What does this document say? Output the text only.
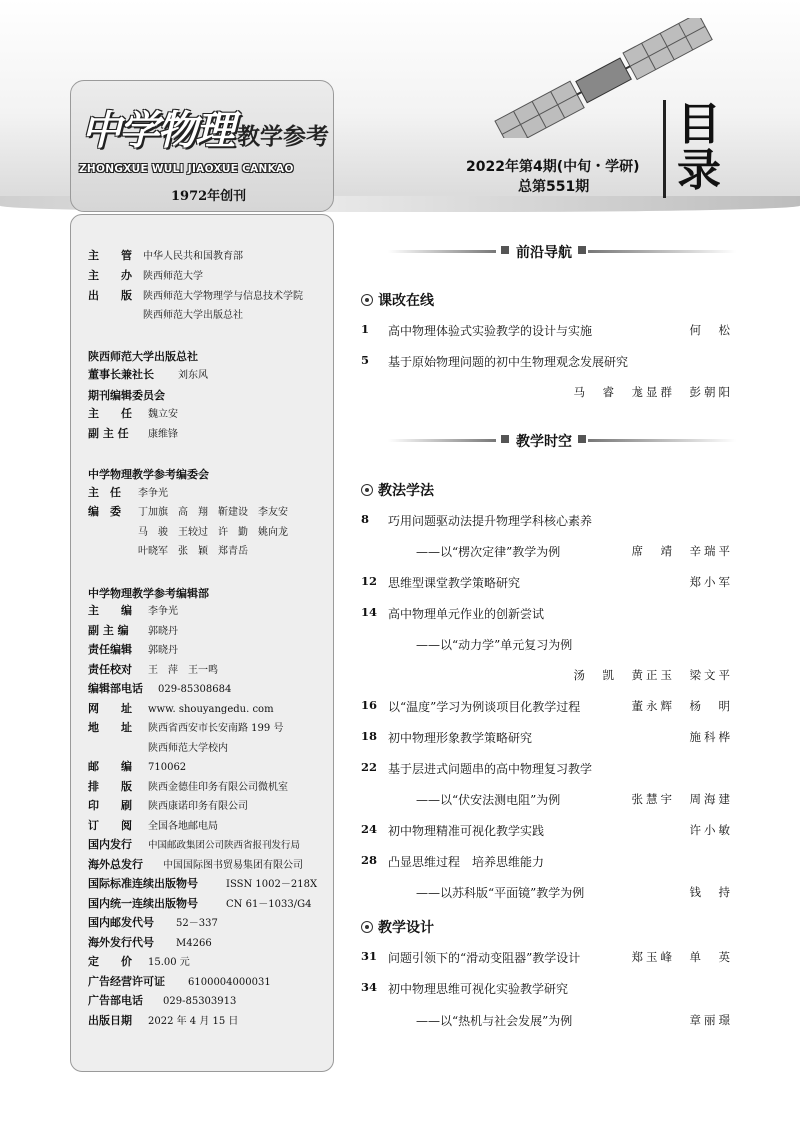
中学物理 教学参考
ZHONGXUE WULI JIAOXUE CANKAO
1972年创刊
目
录
2022年第4期(中旬・学研)
总第551期
主　　管 中华人民共和国教育部
主　　办 陕西师范大学
出　　版 陕西师范大学物理学与信息技术学院
陕西师范大学出版总社
陕西师范大学出版总社
董事长兼社长 刘东风
期刊编辑委员会
主　　任 魏立安
副 主 任 康维锋
中学物理教学参考编委会
主　任 李争光
编　委 丁加旗　高　翔　靳建设　李友安
马　骏　王较过　许　勤　姚向龙
叶晓军　张　颖　郑青岳
中学物理教学参考编辑部
主　　编 李争光
副 主 编 郭晓丹
责任编辑 郭晓丹
责任校对 王　萍　王一鸣
编辑部电话 029-85308684
网　　址 www. shouyangedu. com
地　　址 陕西省西安市长安南路 199 号
陕西师范大学校内
邮　　编 710062
排　　版 陕西金德佳印务有限公司微机室
印　　刷 陕西康诺印务有限公司
订　　阅 全国各地邮电局
国内发行 中国邮政集团公司陕西省报刊发行局
海外总发行 中国国际图书贸易集团有限公司
国际标准连续出版物号	ISSN 1002－218X
国内统一连续出版物号	CN 61－1033/G4
国内邮发代号 52－337
海外发行代号 M4266
定　　价 15.00 元
广告经营许可证 6100004000031
广告部电话 029-85303913
出版日期 2022 年 4 月 15 日
前沿导航
课改在线
1	高中物理体验式实验教学的设计与实施	何　松
5	基于原始物理问题的初中生物理观念发展研究
马　睿　尨显群　彭朝阳
教学时空
教法学法
8	巧用问题驱动法提升物理学科核心素养
——以“楞次定律”教学为例	席　靖　辛瑞平
12 思维型课堂教学策略研究	郑小军
14 高中物理单元作业的创新尝试
——以“动力学”单元复习为例
汤　凯　黄正玉　梁文平
16 以“温度”学习为例谈项目化教学过程	董永辉　杨　明
18 初中物理形象教学策略研究	施科桦
22 基于层进式问题串的高中物理复习教学
——以“伏安法测电阻”为例	张慧宇　周海建
24 初中物理精准可视化教学实践	许小敏
28 凸显思维过程　培养思维能力
——以苏科版“平面镜”教学为例	钱　持
教学设计
31 问题引领下的“滑动变阻器”教学设计	郑玉峰　单　英
34 初中物理思维可视化实验教学研究
——以“热机与社会发展”为例	章丽璟
